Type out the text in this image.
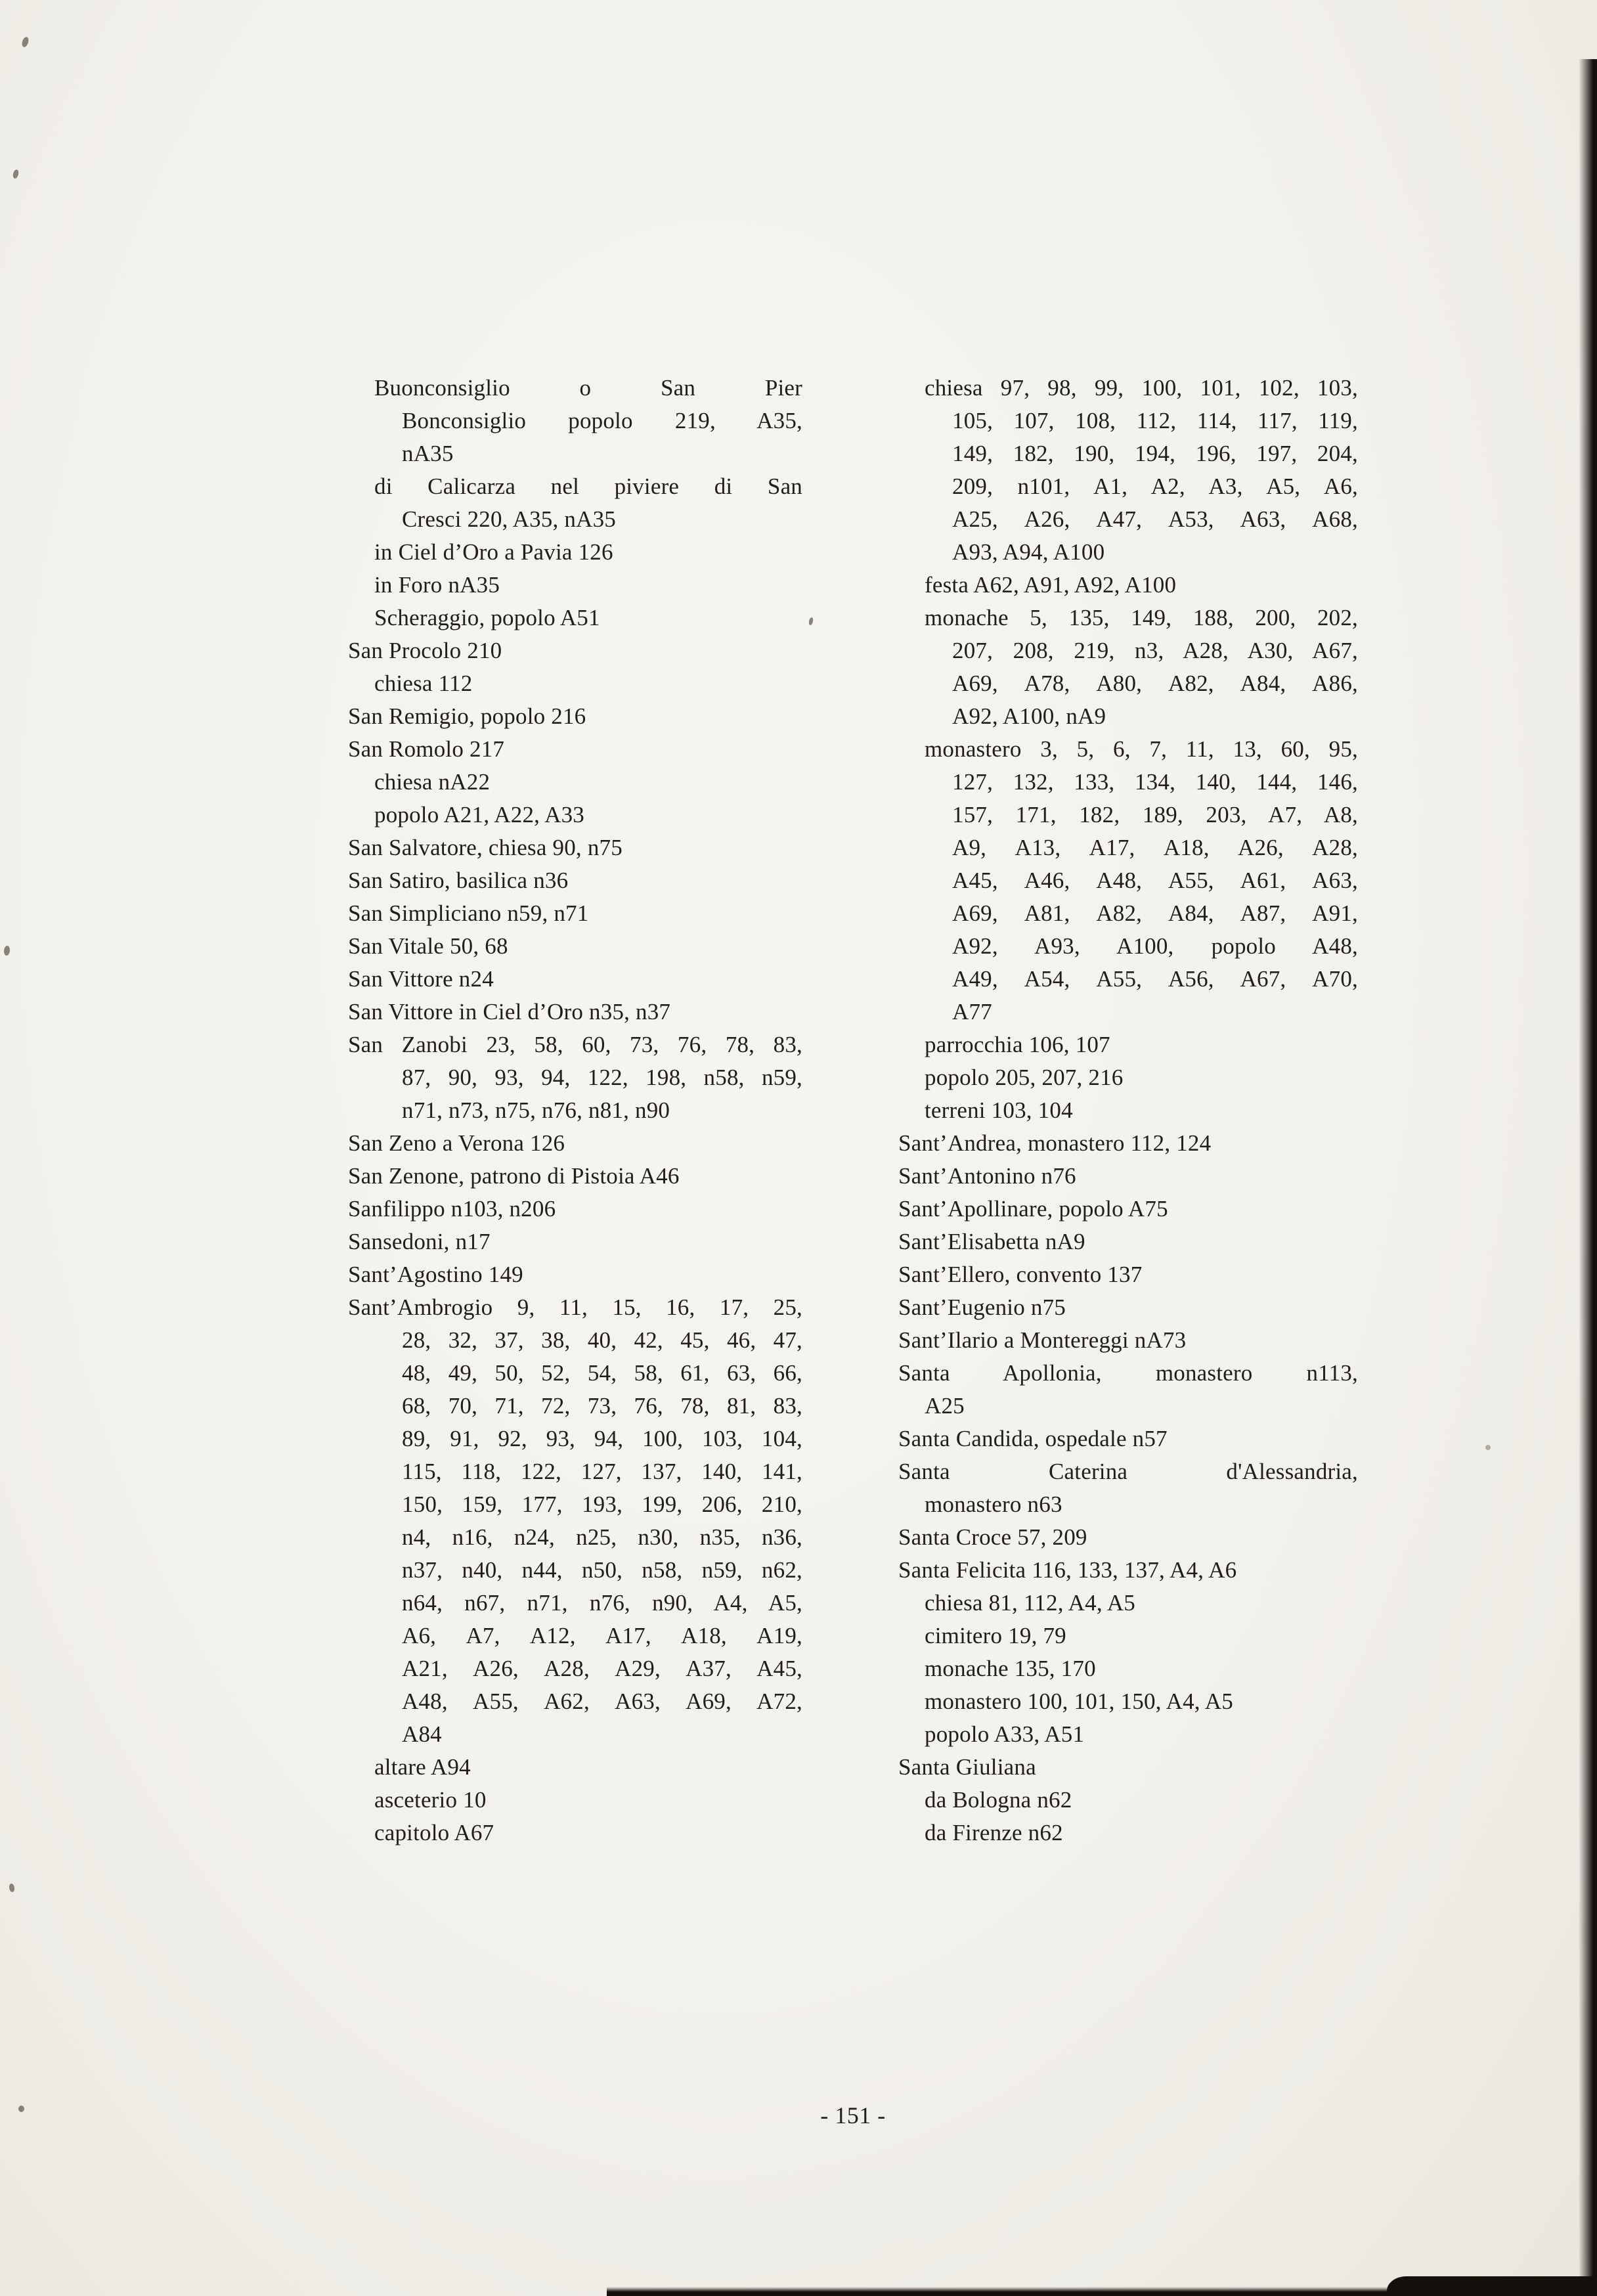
Buonconsiglio o San Pier
Bonconsiglio popolo 219, A35,
nA35
di Calicarza nel piviere di San
Cresci 220, A35, nA35
in Ciel d’Oro a Pavia 126
in Foro nA35
Scheraggio, popolo A51
San Procolo 210
chiesa 112
San Remigio, popolo 216
San Romolo 217
chiesa nA22
popolo A21, A22, A33
San Salvatore, chiesa 90, n75
San Satiro, basilica n36
San Simpliciano n59, n71
San Vitale 50, 68
San Vittore n24
San Vittore in Ciel d’Oro n35, n37
San Zanobi 23, 58, 60, 73, 76, 78, 83,
87, 90, 93, 94, 122, 198, n58, n59,
n71, n73, n75, n76, n81, n90
San Zeno a Verona 126
San Zenone, patrono di Pistoia A46
Sanfilippo n103, n206
Sansedoni, n17
Sant’Agostino 149
Sant’Ambrogio 9, 11, 15, 16, 17, 25,
28, 32, 37, 38, 40, 42, 45, 46, 47,
48, 49, 50, 52, 54, 58, 61, 63, 66,
68, 70, 71, 72, 73, 76, 78, 81, 83,
89, 91, 92, 93, 94, 100, 103, 104,
115, 118, 122, 127, 137, 140, 141,
150, 159, 177, 193, 199, 206, 210,
n4, n16, n24, n25, n30, n35, n36,
n37, n40, n44, n50, n58, n59, n62,
n64, n67, n71, n76, n90, A4, A5,
A6, A7, A12, A17, A18, A19,
A21, A26, A28, A29, A37, A45,
A48, A55, A62, A63, A69, A72,
A84
altare A94
asceterio 10
capitolo A67
chiesa 97, 98, 99, 100, 101, 102, 103,
105, 107, 108, 112, 114, 117, 119,
149, 182, 190, 194, 196, 197, 204,
209, n101, A1, A2, A3, A5, A6,
A25, A26, A47, A53, A63, A68,
A93, A94, A100
festa A62, A91, A92, A100
monache 5, 135, 149, 188, 200, 202,
207, 208, 219, n3, A28, A30, A67,
A69, A78, A80, A82, A84, A86,
A92, A100, nA9
monastero 3, 5, 6, 7, 11, 13, 60, 95,
127, 132, 133, 134, 140, 144, 146,
157, 171, 182, 189, 203, A7, A8,
A9, A13, A17, A18, A26, A28,
A45, A46, A48, A55, A61, A63,
A69, A81, A82, A84, A87, A91,
A92, A93, A100, popolo A48,
A49, A54, A55, A56, A67, A70,
A77
parrocchia 106, 107
popolo 205, 207, 216
terreni 103, 104
Sant’Andrea, monastero 112, 124
Sant’Antonino n76
Sant’Apollinare, popolo A75
Sant’Elisabetta nA9
Sant’Ellero, convento 137
Sant’Eugenio n75
Sant’Ilario a Montereggi nA73
Santa Apollonia, monastero n113,
A25
Santa Candida, ospedale n57
Santa Caterina d'Alessandria,
monastero n63
Santa Croce 57, 209
Santa Felicita 116, 133, 137, A4, A6
chiesa 81, 112, A4, A5
cimitero 19, 79
monache 135, 170
monastero 100, 101, 150, A4, A5
popolo A33, A51
Santa Giuliana
da Bologna n62
da Firenze n62
- 151 -
